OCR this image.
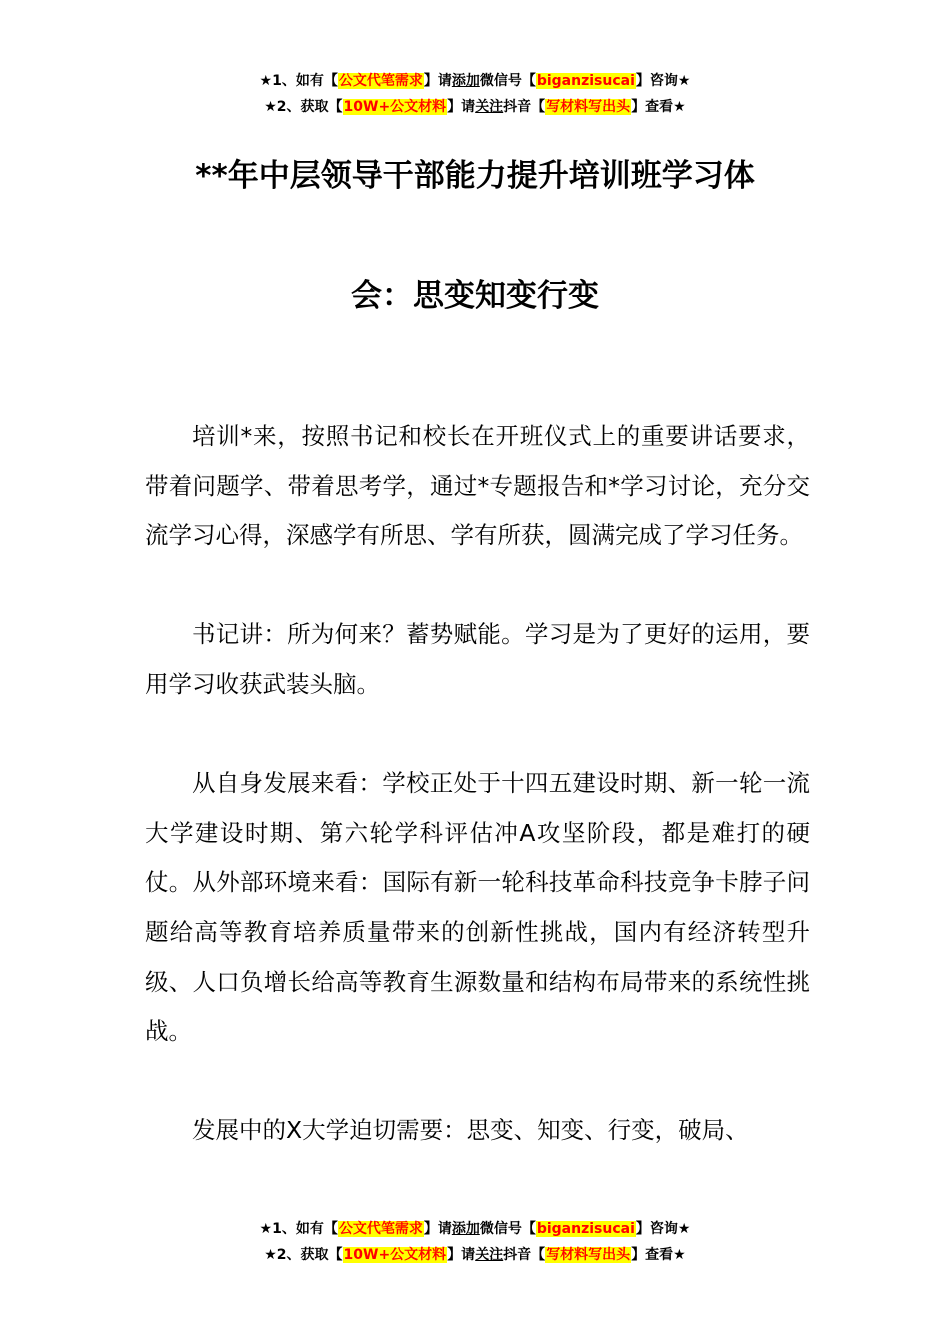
★1、如有【公文代笔需求】请添加微信号【biganzisucai】咨询★
★2、获取【10W+公文材料】请关注抖音【写材料写出头】查看★
**年中层领导干部能力提升培训班学习体
会：思变知变行变

培训*来，按照书记和校长在开班仪式上的重要讲话要求，带着问题学、带着思考学，通过*专题报告和*学习讨论，充分交流学习心得，深感学有所思、学有所获，圆满完成了学习任务。

书记讲：所为何来？蓄势赋能。学习是为了更好的运用，要用学习收获武装头脑。

从自身发展来看：学校正处于十四五建设时期、新一轮一流大学建设时期、第六轮学科评估冲A攻坚阶段，都是难打的硬仗。从外部环境来看：国际有新一轮科技革命科技竞争卡脖子问题给高等教育培养质量带来的创新性挑战，国内有经济转型升级、人口负增长给高等教育生源数量和结构布局带来的系统性挑战。

发展中的X大学迫切需要：思变、知变、行变，破局、

★1、如有【公文代笔需求】请添加微信号【biganzisucai】咨询★
★2、获取【10W+公文材料】请关注抖音【写材料写出头】查看★
